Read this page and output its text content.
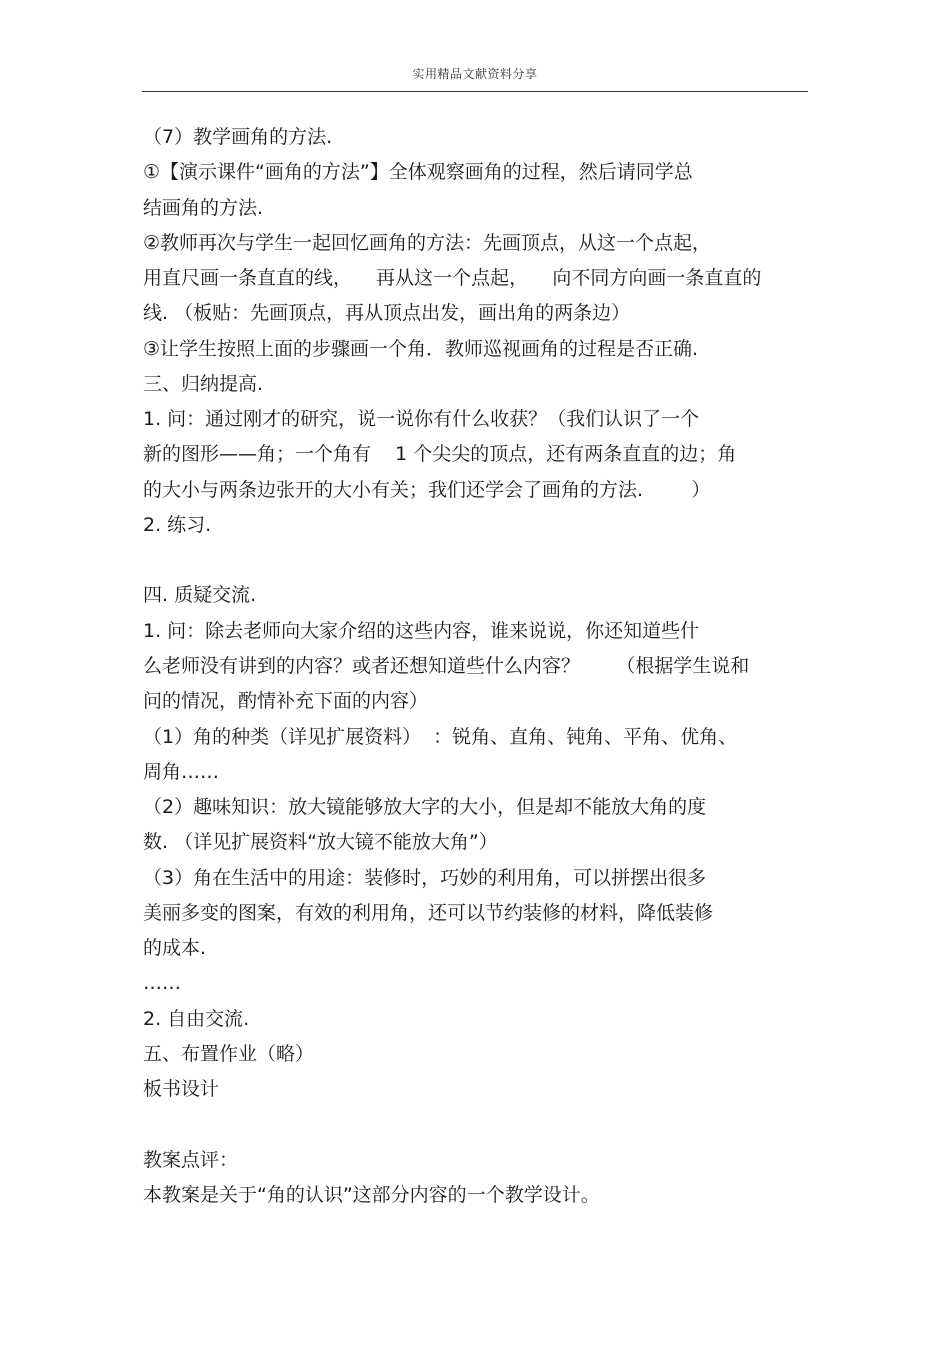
实用精品文献资料分享
（7）教学画角的方法.
①【演示课件“画角的方法”】全体观察画角的过程，然后请同学总
结画角的方法.
②教师再次与学生一起回忆画角的方法：先画顶点，从这一个点起，
用直尺画一条直直的线，    再从这一个点起，    向不同方向画一条直直的
线. （板贴：先画顶点，再从顶点出发，画出角的两条边）
③让学生按照上面的步骤画一个角．教师巡视画角的过程是否正确.
三、归纳提高.
1. 问：通过刚才的研究，说一说你有什么收获？（我们认识了一个
新的图形——角；一个角有    1 个尖尖的顶点，还有两条直直的边；角
的大小与两条边张开的大小有关；我们还学会了画角的方法.        ）
2. 练习.
四. 质疑交流.
1. 问：除去老师向大家介绍的这些内容，谁来说说，你还知道些什
么老师没有讲到的内容？或者还想知道些什么内容？      （根据学生说和
问的情况，酌情补充下面的内容）
（1）角的种类（详见扩展资料）  ：锐角、直角、钝角、平角、优角、
周角……
（2）趣味知识：放大镜能够放大字的大小，但是却不能放大角的度
数. （详见扩展资料“放大镜不能放大角”）
（3）角在生活中的用途：装修时，巧妙的利用角，可以拼摆出很多
美丽多变的图案，有效的利用角，还可以节约装修的材料，降低装修
的成本.
……
2. 自由交流.
五、布置作业（略）
板书设计
教案点评：
本教案是关于“角的认识”这部分内容的一个教学设计。
